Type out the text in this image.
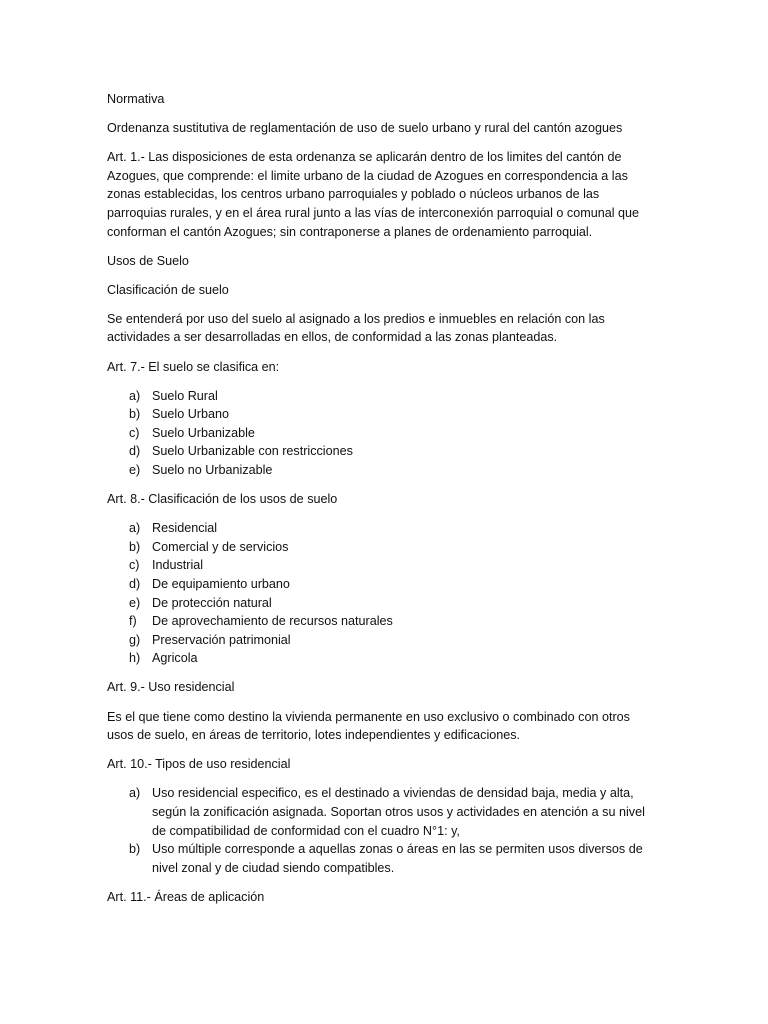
Normativa

Ordenanza sustitutiva de reglamentación de uso de suelo urbano y rural del cantón azogues

Art. 1.- Las disposiciones de esta ordenanza se aplicarán dentro de los limites del cantón de Azogues, que comprende: el limite urbano de la ciudad de Azogues en correspondencia a las zonas establecidas, los centros urbano parroquiales y poblado o núcleos urbanos de las parroquias rurales, y en el área rural junto a las vías de interconexión parroquial o comunal que conforman el cantón Azogues; sin contraponerse a planes de ordenamiento parroquial.

Usos de Suelo

Clasificación de suelo

Se entenderá por uso del suelo al asignado a los predios e inmuebles en relación con las actividades a ser desarrolladas en ellos, de conformidad a las zonas planteadas.

Art. 7.- El suelo se clasifica en:

a) Suelo Rural
b) Suelo Urbano
c) Suelo Urbanizable
d) Suelo Urbanizable con restricciones
e) Suelo no Urbanizable

Art. 8.- Clasificación de los usos de suelo

a) Residencial
b) Comercial y de servicios
c) Industrial
d) De equipamiento urbano
e) De protección natural
f) De aprovechamiento de recursos naturales
g) Preservación patrimonial
h) Agricola

Art. 9.- Uso residencial

Es el que tiene como destino la vivienda permanente en uso exclusivo o combinado con otros usos de suelo, en áreas de territorio, lotes independientes y edificaciones.

Art. 10.- Tipos de uso residencial

a) Uso residencial especifico, es el destinado a viviendas de densidad baja, media y alta, según la zonificación asignada. Soportan otros usos y actividades en atención a su nivel de compatibilidad de conformidad con el cuadro N°1: y,
b) Uso múltiple corresponde a aquellas zonas o áreas en las se permiten usos diversos de nivel zonal y de ciudad siendo compatibles.

Art. 11.- Áreas de aplicación
